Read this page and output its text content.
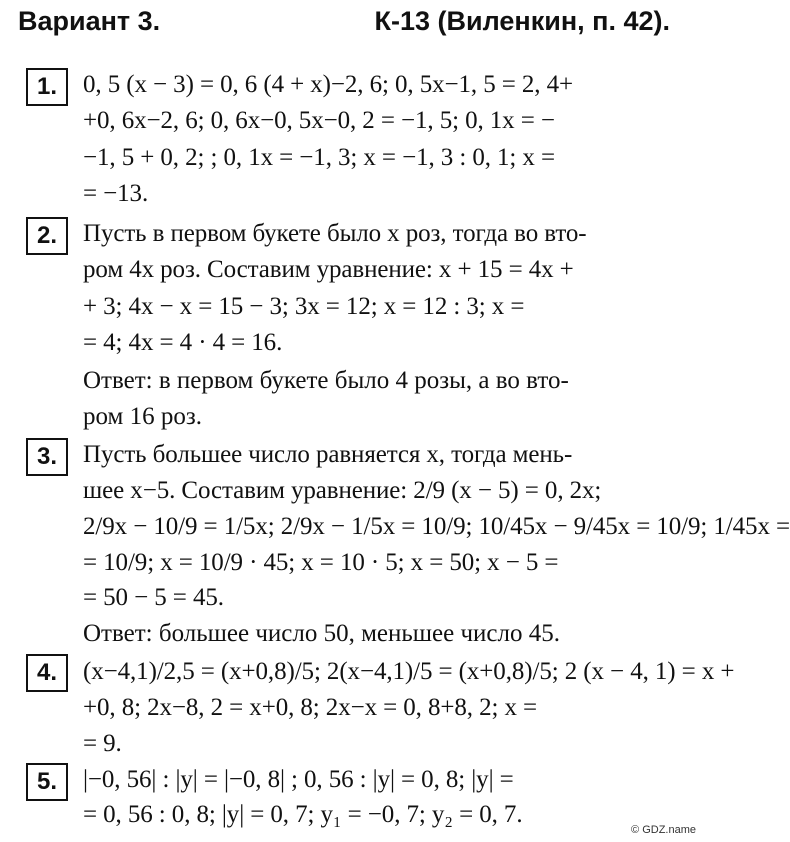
Вариант 3.	К-13 (Виленкин, п. 42).
1.	0, 5 (x − 3) = 0, 6 (4 + x)−2, 6; 0, 5x−1, 5 = 2, 4+
+0, 6x−2, 6; 0, 6x−0, 5x−0, 2 = −1, 5; 0, 1x = −
−1, 5 + 0, 2; ; 0, 1x = −1, 3; x = −1, 3 : 0, 1; x =
= −13.
2.	Пусть в первом букете было x роз, тогда во вто-
ром 4x роз. Составим уравнение: x + 15 = 4x +
+ 3; 4x − x = 15 − 3; 3x = 12; x = 12 : 3; x =
= 4; 4x = 4 · 4 = 16.
Ответ: в первом букете было 4 розы, а во вто-
ром 16 роз.
3.	Пусть большее число равняется x, тогда мень-
шее x−5. Составим уравнение: 2/9 (x − 5) = 0, 2x;
2/9x − 10/9 = 1/5x; 2/9x − 1/5x = 10/9; 10/45x − 9/45x = 10/9; 1/45x =
= 10/9; x = 10/9 · 45; x = 10 · 5; x = 50; x − 5 =
= 50 − 5 = 45.
Ответ: большее число 50, меньшее число 45.
4.	(x−4,1)/2,5 = (x+0,8)/5; 2(x−4,1)/5 = (x+0,8)/5; 2 (x − 4, 1) = x +
+0, 8; 2x−8, 2 = x+0, 8; 2x−x = 0, 8+8, 2; x =
= 9.
5.	|−0, 56| : |y| = |−0, 8| ; 0, 56 : |y| = 0, 8; |y| =
= 0, 56 : 0, 8; |y| = 0, 7; y₁ = −0, 7; y₂ = 0, 7.
© GDZ.name
